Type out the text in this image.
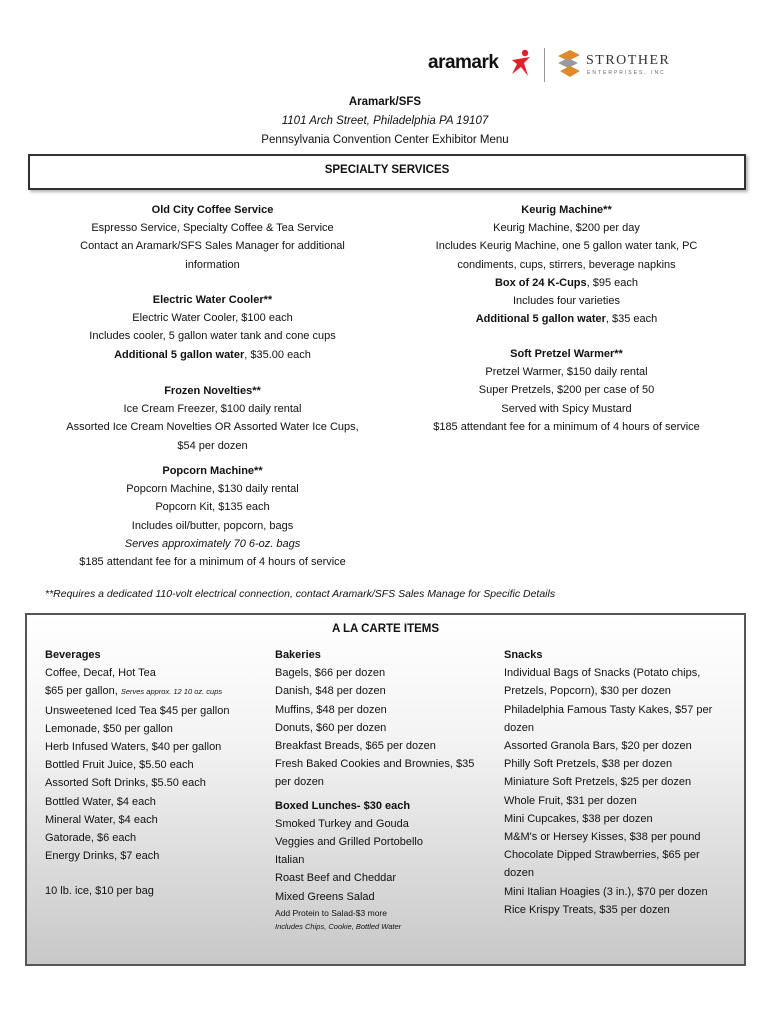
aramark	STROTHER
ENTERPRISES, INC
Aramark/SFS
1101 Arch Street, Philadelphia PA 19107
Pennsylvania Convention Center Exhibitor Menu
SPECIALTY SERVICES
Old City Coffee Service
Espresso Service, Specialty Coffee & Tea Service
Contact an Aramark/SFS Sales Manager for additional
information
Electric Water Cooler**
Electric Water Cooler, $100 each
Includes cooler, 5 gallon water tank and cone cups
Additional 5 gallon water, $35.00 each
Frozen Novelties**
Ice Cream Freezer, $100 daily rental
Assorted Ice Cream Novelties OR Assorted Water Ice Cups,
$54 per dozen
Popcorn Machine**
Popcorn Machine, $130 daily rental
Popcorn Kit, $135 each
Includes oil/butter, popcorn, bags
Serves approximately 70 6-oz. bags
$185 attendant fee for a minimum of 4 hours of service
Keurig Machine**
Keurig Machine, $200 per day
Includes Keurig Machine, one 5 gallon water tank, PC
condiments, cups, stirrers, beverage napkins
Box of 24 K-Cups, $95 each
Includes four varieties
Additional 5 gallon water, $35 each
Soft Pretzel Warmer**
Pretzel Warmer, $150 daily rental
Super Pretzels, $200 per case of 50
Served with Spicy Mustard
$185 attendant fee for a minimum of 4 hours of service
**Requires a dedicated 110-volt electrical connection, contact Aramark/SFS Sales Manage for Specific Details
A LA CARTE ITEMS
Beverages
Coffee, Decaf, Hot Tea
$65 per gallon, Serves approx. 12 10 oz. cups
Unsweetened Iced Tea $45 per gallon
Lemonade, $50 per gallon
Herb Infused Waters, $40 per gallon
Bottled Fruit Juice, $5.50 each
Assorted Soft Drinks, $5.50 each
Bottled Water, $4 each
Mineral Water, $4 each
Gatorade, $6 each
Energy Drinks, $7 each
10 lb. ice, $10 per bag
Bakeries
Bagels, $66 per dozen
Danish, $48 per dozen
Muffins, $48 per dozen
Donuts, $60 per dozen
Breakfast Breads, $65 per dozen
Fresh Baked Cookies and Brownies, $35
per dozen
Boxed Lunches- $30 each
Smoked Turkey and Gouda
Veggies and Grilled Portobello
Italian
Roast Beef and Cheddar
Mixed Greens Salad
Add Protein to Salad-$3 more
Includes Chips, Cookie, Bottled Water
Snacks
Individual Bags of Snacks (Potato chips,
Pretzels, Popcorn), $30 per dozen
Philadelphia Famous Tasty Kakes, $57 per
dozen
Assorted Granola Bars, $20 per dozen
Philly Soft Pretzels, $38 per dozen
Miniature Soft Pretzels, $25 per dozen
Whole Fruit, $31 per dozen
Mini Cupcakes, $38 per dozen
M&M's or Hersey Kisses, $38 per pound
Chocolate Dipped Strawberries, $65 per
dozen
Mini Italian Hoagies (3 in.), $70 per dozen
Rice Krispy Treats, $35 per dozen
